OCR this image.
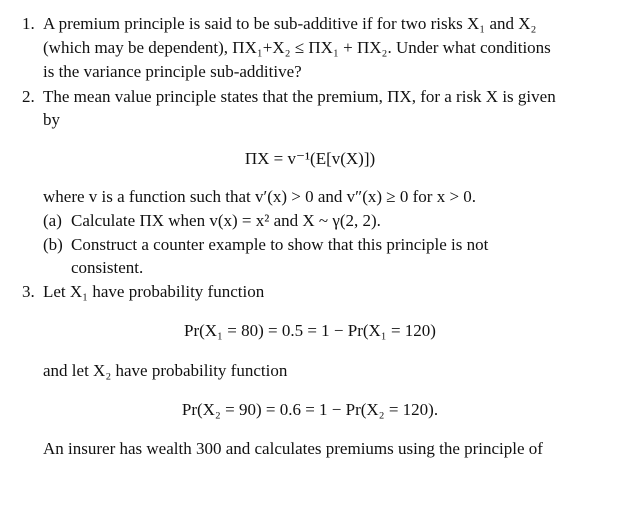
1. A premium principle is said to be sub-additive if for two risks X₁ and X₂
(which may be dependent), ΠX₁+X₂ ≤ ΠX₁ + ΠX₂. Under what conditions
is the variance principle sub-additive?
2. The mean value principle states that the premium, ΠX, for a risk X is given
by
ΠX = v⁻¹(E[v(X)])
where v is a function such that v′(x) > 0 and v″(x) ≥ 0 for x > 0.
(a) Calculate ΠX when v(x) = x² and X ~ γ(2, 2).
(b) Construct a counter example to show that this principle is not
consistent.
3. Let X₁ have probability function
Pr(X₁ = 80) = 0.5 = 1 − Pr(X₁ = 120)
and let X₂ have probability function
Pr(X₂ = 90) = 0.6 = 1 − Pr(X₂ = 120).
An insurer has wealth 300 and calculates premiums using the principle of
